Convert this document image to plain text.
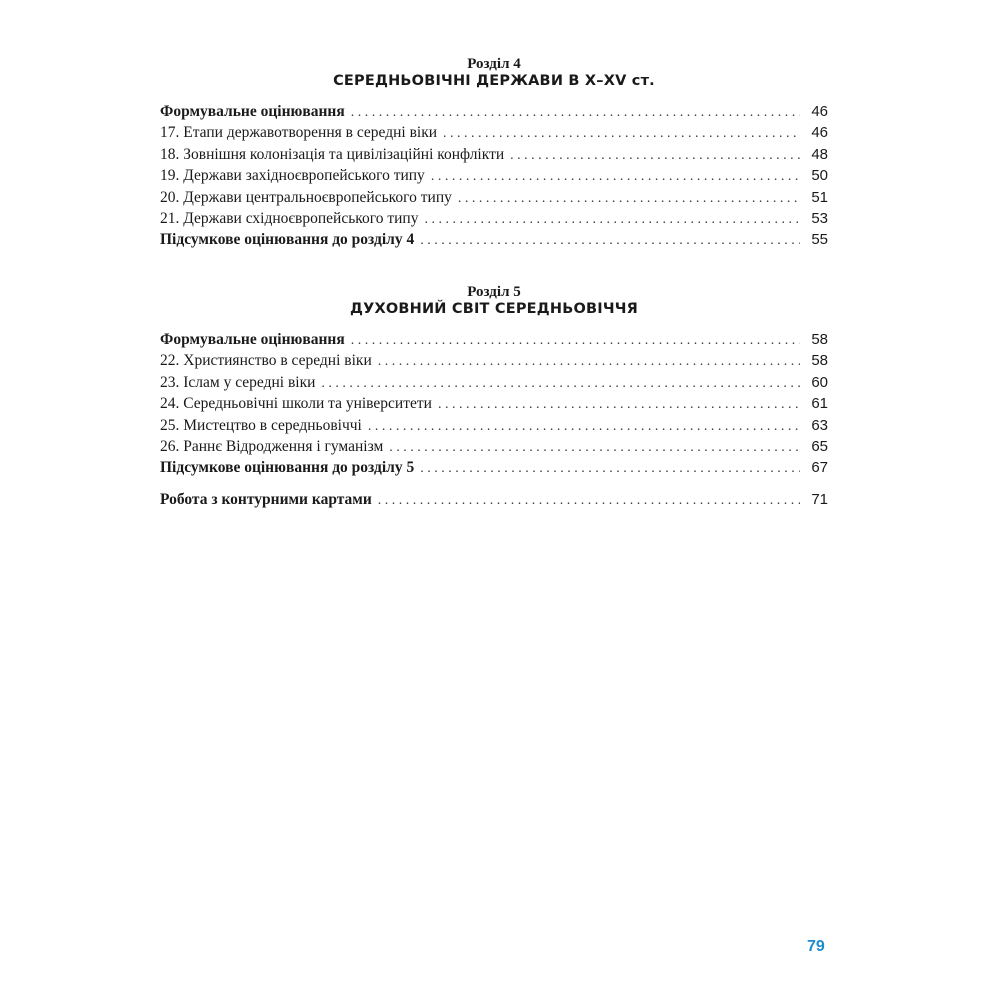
Розділ 4
СЕРЕДНЬОВІЧНІ ДЕРЖАВИ В X–XV ст.
Формувальне оцінювання . . .	46
17. Етапи державотворення в середні віки . . .	46
18. Зовнішня колонізація та цивілізаційні конфлікти . . .	48
19. Держави західноєвропейського типу . . .	50
20. Держави центральноєвропейського типу . . .	51
21. Держави східноєвропейського типу . . .	53
Підсумкове оцінювання до розділу 4 . . .	55
Розділ 5
ДУХОВНИЙ СВІТ СЕРЕДНЬОВІЧЧЯ
Формувальне оцінювання . . .	58
22. Християнство в середні віки . . .	58
23. Іслам у середні віки . . .	60
24. Середньовічні школи та університети . . .	61
25. Мистецтво в середньовіччі . . .	63
26. Раннє Відродження і гуманізм . . .	65
Підсумкове оцінювання до розділу 5 . . .	67
Робота з контурними картами . . .	71
79
